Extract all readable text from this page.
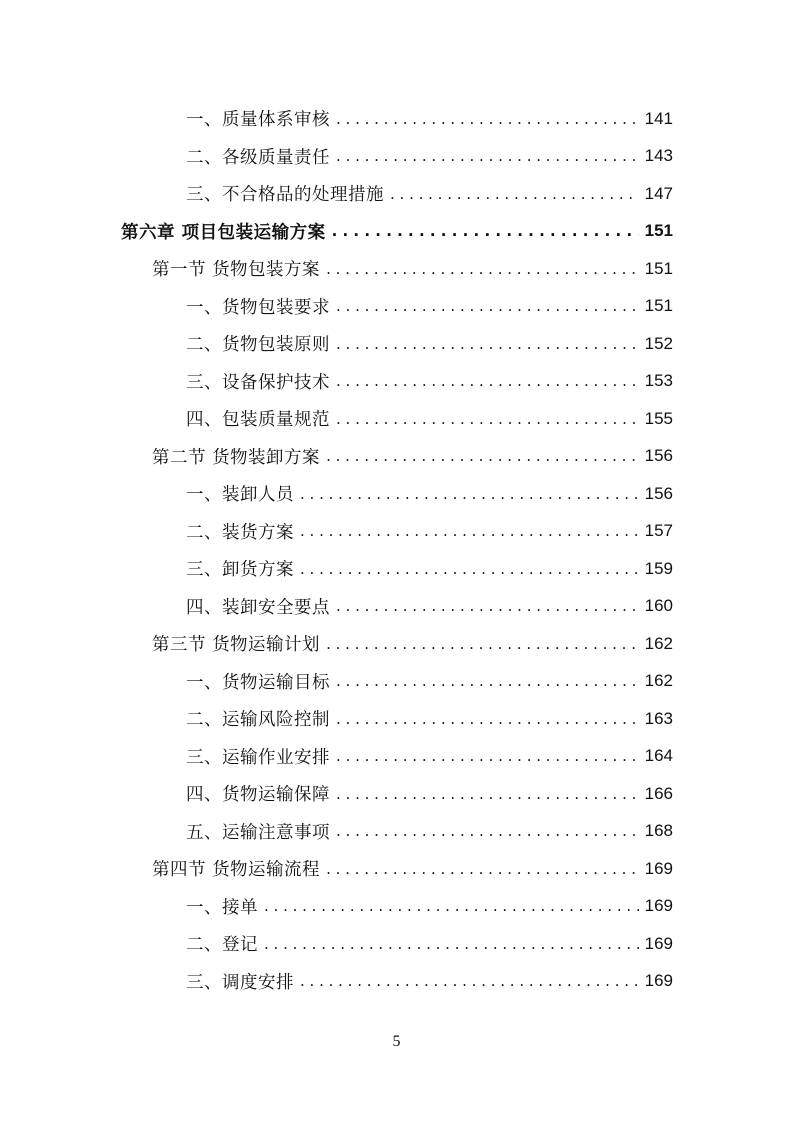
一、质量体系审核 . . .	141
二、各级质量责任 . . .	143
三、不合格品的处理措施 . . .	147
第六章 项目包装运输方案 . . .	151
第一节 货物包装方案 . . .	151
一、货物包装要求 . . .	151
二、货物包装原则 . . .	152
三、设备保护技术 . . .	153
四、包装质量规范 . . .	155
第二节 货物装卸方案 . . .	156
一、装卸人员 . . .	156
二、装货方案 . . .	157
三、卸货方案 . . .	159
四、装卸安全要点 . . .	160
第三节 货物运输计划 . . .	162
一、货物运输目标 . . .	162
二、运输风险控制 . . .	163
三、运输作业安排 . . .	164
四、货物运输保障 . . .	166
五、运输注意事项 . . .	168
第四节 货物运输流程 . . .	169
一、接单 . . .	169
二、登记 . . .	169
三、调度安排 . . .	169
5
